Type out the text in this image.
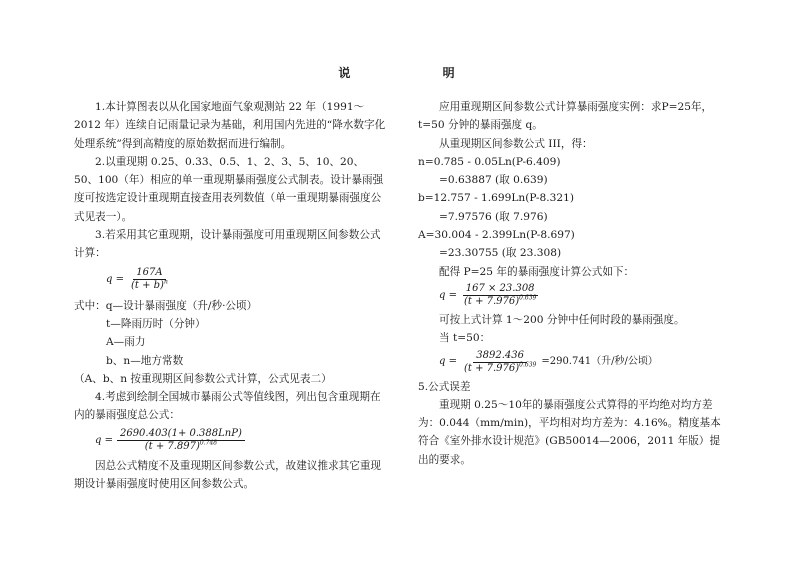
说 明

1.本计算图表以从化国家地面气象观测站 22 年（1991～2012 年）连续自记雨量记录为基础，利用国内先进的“降水数字化处理系统”得到高精度的原始数据而进行编制。

2.以重现期 0.25、0.33、0.5、1、2、3、5、10、20、50、100（年）相应的单一重现期暴雨强度公式制表。设计暴雨强度可按选定设计重现期直接查用表列数值（单一重现期暴雨强度公式见表一）。

3.若采用其它重现期，设计暴雨强度可用重现期区间参数公式计算：

$q = \frac{167A}{(t + b)^n}$

式中：q—设计暴雨强度（升/秒·公顷）

t—降雨历时（分钟）

A—雨力

b、n—地方常数

（A、b、n 按重现期区间参数公式计算，公式见表二）

4.考虑到绘制全国城市暴雨公式等值线图，列出包含重现期在内的暴雨强度总公式：

$q = \frac{\text{2690.403(1+ 0.388LnP)}}{(t + 7.897)^{0.748}}$

因总公式精度不及重现期区间参数公式，故建议推求其它重现期设计暴雨强度时使用区间参数公式。

应用重现期区间参数公式计算暴雨强度实例：求P=25年，t=50 分钟的暴雨强度 q。

从重现期区间参数公式 III，得：

n=0.785 - 0.05Ln(P-6.409)

=0.63887 (取 0.639)

b=12.757 - 1.699Ln(P-8.321)

=7.97576 (取 7.976)

A=30.004 - 2.399Ln(P-8.697)

=23.30755 (取 23.308)

配得 P=25 年的暴雨强度计算公式如下：

$q = \frac{167 \times 23.308}{(t + 7.976)^{0.639}}$

可按上式计算 1～200 分钟中任何时段的暴雨强度。

当 t=50：

$q = \frac{3892.436}{(t + 7.976)^{0.639}} =290.741$（升/秒/公顷）

5.公式误差

重现期 0.25～10年的暴雨强度公式算得的平均绝对均方差为：0.044（mm/min)，平均相对均方差为：4.16%。精度基本符合《室外排水设计规范》(GB50014—2006，2011 年版）提出的要求。
